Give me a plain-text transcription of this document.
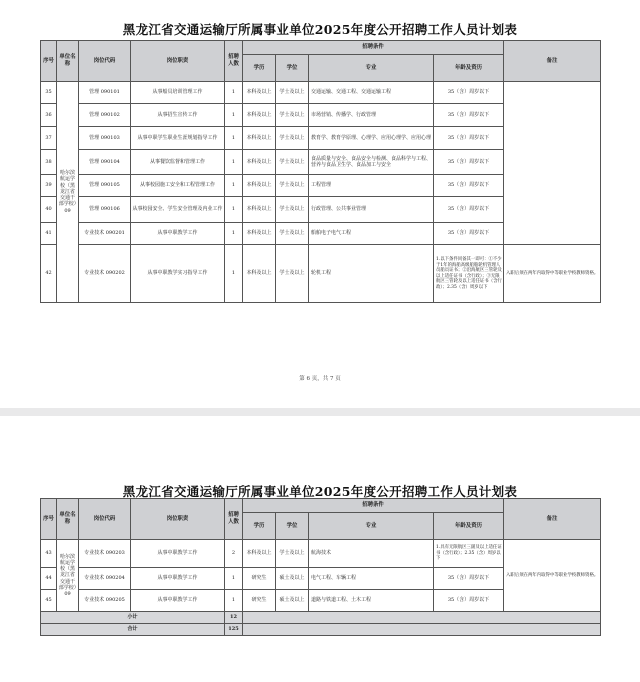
黑龙江省交通运输厅所属事业单位2025年度公开招聘工作人员计划表
序号	单位名称	岗位代码	岗位职责	招聘人数	招聘条件				备注
					学历	学位	专业	年龄及资历	
35	哈尔滨航运学校（黑龙江省交通干部学校）09	管理 090101	从事船员培训管理工作	1	本科及以上	学士及以上	交通运输、交通工程、交通运输工程	35（含）周岁以下	
36		管理 090102	从事招生宣传工作	1	本科及以上	学士及以上	市场营销、传播学、行政管理	35（含）周岁以下	
37		管理 090103	从事中职学生职业生涯规划指导工作	1	本科及以上	学士及以上	教育学、教育学原理、心理学、应用心理学、应用心理	35（含）周岁以下	
38		管理 090104	从事餐饮监督和管理工作	1	本科及以上	学士及以上	食品质量与安全、食品安全与检测、食品科学与工程、营养与食品卫生学、食品加工与安全	35（含）周岁以下	
39		管理 090105	从事校园施工安全和工程管理工作	1	本科及以上	学士及以上	工程管理	35（含）周岁以下	
40		管理 090106	从事校园安全、学生安全管理及内业工作	1	本科及以上	学士及以上	行政管理、公共事业管理	35（含）周岁以下	
41		专业技术 090201	从事中职教学工作	1	本科及以上	学士及以上	船舶电子电气工程	35（含）周岁以下	
42		专业技术 090202	从事中职教学实习指导工作	1	本科及以上	学士及以上	轮机工程	1.以下条件同备其一即可：①不少于1年的海船高级船舶轮机管理人员船员证书；②沿海航区三管轮及以上适任证书（含行政）；③无限航区三管轮及以上适任证书（含行政）；2.35（含）周岁以下	入职后须在两年内取得中等职业学校教师资格。
第 6 页，共 7 页
黑龙江省交通运输厅所属事业单位2025年度公开招聘工作人员计划表
序号	单位名称	岗位代码	岗位职责	招聘人数	招聘条件				备注
					学历	学位	专业	年龄及资历	
43	哈尔滨航运学校（黑龙江省交通干部学校）09	专业技术 090203	从事中职教学工作	2	本科及以上	学士及以上	航海技术	1.具有无限航区三副及以上适任证书（含行政）；2.35（含）周岁以下	入职后须在两年内取得中等职业学校教师资格。
44		专业技术 090204	从事中职教学工作	1	研究生	硕士及以上	电气工程、车辆工程	35（含）周岁以下	
45		专业技术 090205	从事中职教学工作	1	研究生	硕士及以上	道路与铁道工程、土木工程	35（含）周岁以下	
小计				12					
合计				125					
